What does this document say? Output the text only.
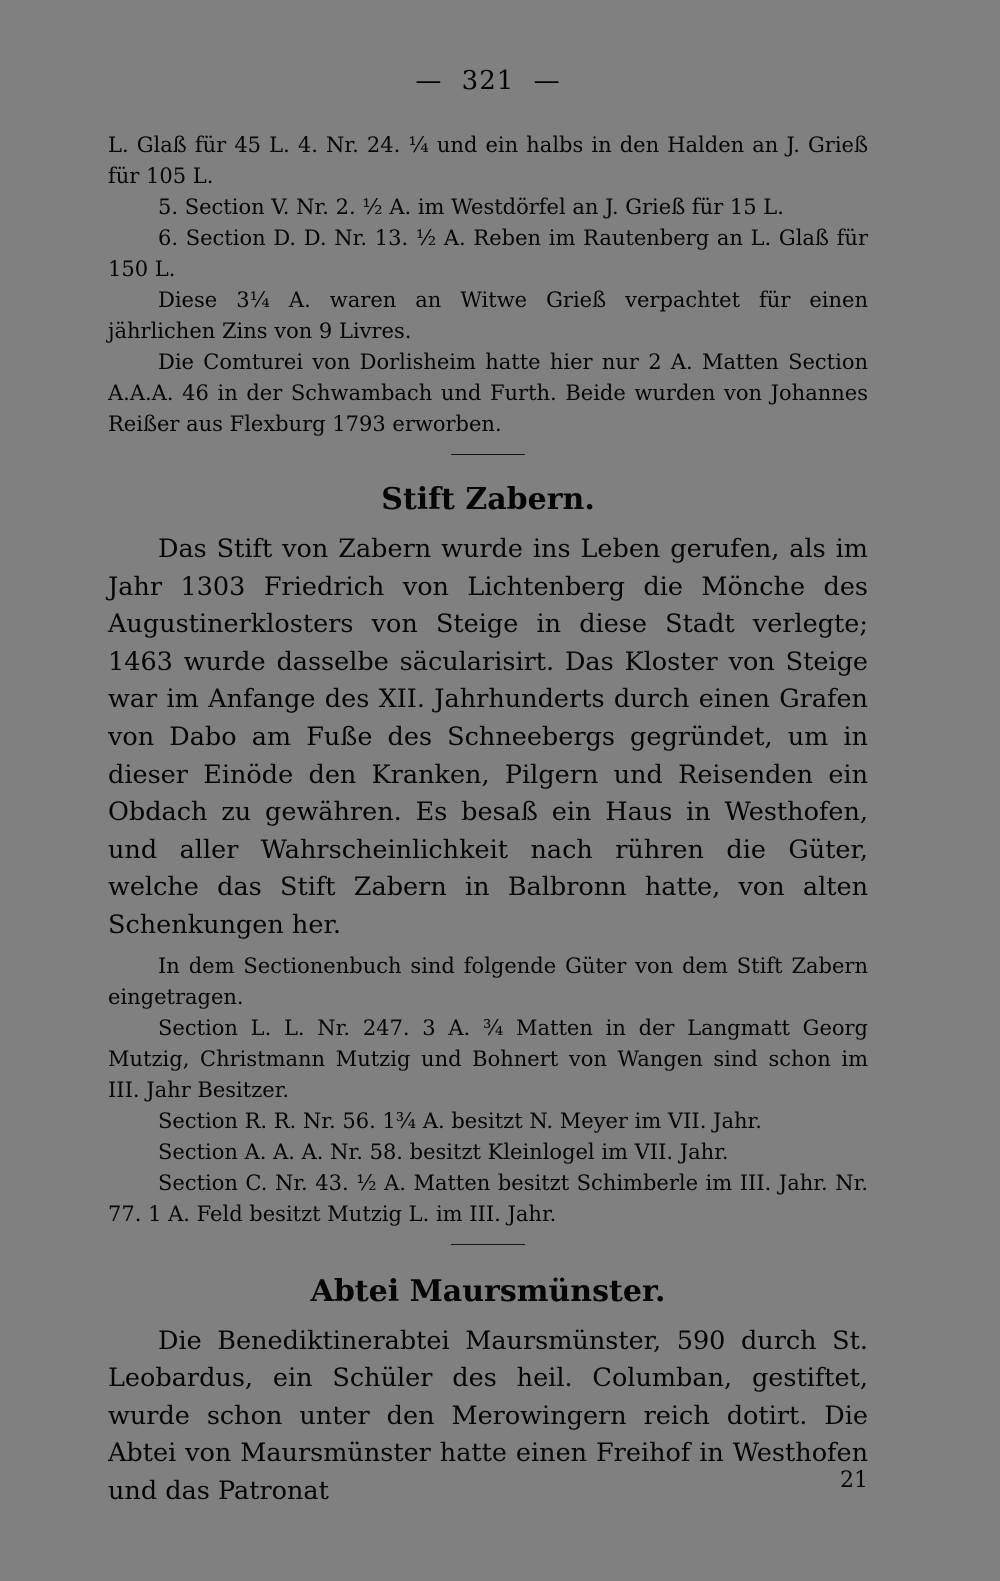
— 321 —

L. Glaß für 45 L. 4. Nr. 24. ¼ und ein halbs in den Halden an J. Grieß für 105 L.

5. Section V. Nr. 2. ½ A. im Westdörfel an J. Grieß für 15 L.

6. Section D. D. Nr. 13. ½ A. Reben im Rautenberg an L. Glaß für 150 L.

Diese 3¼ A. waren an Witwe Grieß verpachtet für einen jährlichen Zins von 9 Livres.

Die Comturei von Dorlisheim hatte hier nur 2 A. Matten Section A.A.A. 46 in der Schwambach und Furth. Beide wurden von Johannes Reißer aus Flexburg 1793 erworben.

Stift Zabern.

Das Stift von Zabern wurde ins Leben gerufen, als im Jahr 1303 Friedrich von Lichtenberg die Mönche des Augustinerklosters von Steige in diese Stadt verlegte; 1463 wurde dasselbe säcularisirt. Das Kloster von Steige war im Anfange des XII. Jahrhunderts durch einen Grafen von Dabo am Fuße des Schneebergs gegründet, um in dieser Einöde den Kranken, Pilgern und Reisenden ein Obdach zu gewähren. Es besaß ein Haus in Westhofen, und aller Wahrscheinlichkeit nach rühren die Güter, welche das Stift Zabern in Balbronn hatte, von alten Schenkungen her.

In dem Sectionenbuch sind folgende Güter von dem Stift Zabern eingetragen.

Section L. L. Nr. 247. 3 A. ¾ Matten in der Langmatt Georg Mutzig, Christmann Mutzig und Bohnert von Wangen sind schon im III. Jahr Besitzer.

Section R. R. Nr. 56. 1¾ A. besitzt N. Meyer im VII. Jahr.

Section A. A. A. Nr. 58. besitzt Kleinlogel im VII. Jahr.

Section C. Nr. 43. ½ A. Matten besitzt Schimberle im III. Jahr. Nr. 77. 1 A. Feld besitzt Mutzig L. im III. Jahr.

Abtei Maursmünster.

Die Benediktinerabtei Maursmünster, 590 durch St. Leobardus, ein Schüler des heil. Columban, gestiftet, wurde schon unter den Merowingern reich dotirt. Die Abtei von Maursmünster hatte einen Freihof in Westhofen und das Patronat	21
